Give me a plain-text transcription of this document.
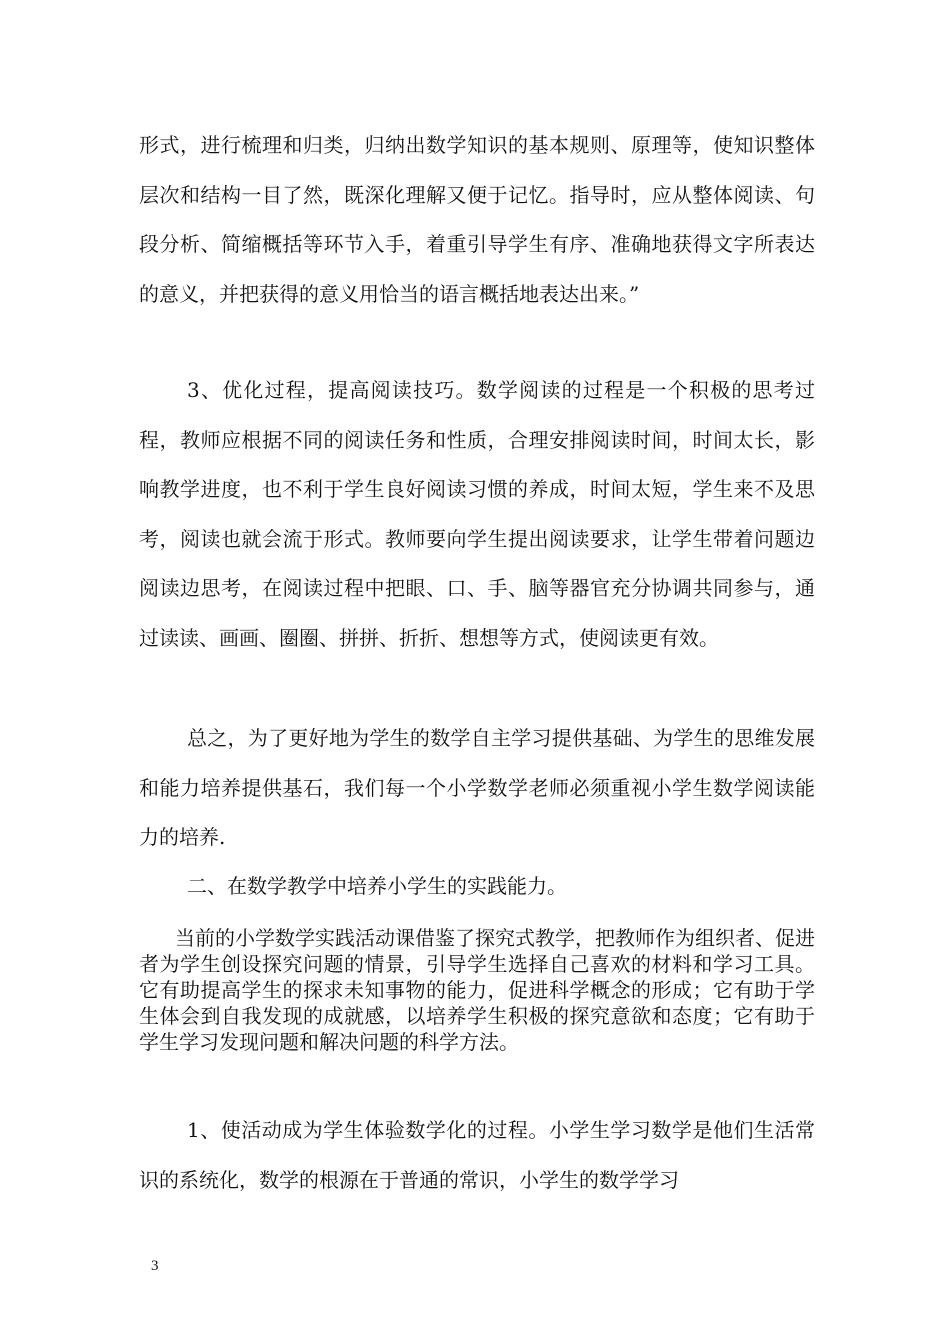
形式，进行梳理和归类，归纳出数学知识的基本规则、原理等，使知识整体层次和结构一目了然，既深化理解又便于记忆。指导时，应从整体阅读、句段分析、简缩概括等环节入手，着重引导学生有序、准确地获得文字所表达的意义，并把获得的意义用恰当的语言概括地表达出来。”
3、优化过程，提高阅读技巧。数学阅读的过程是一个积极的思考过程，教师应根据不同的阅读任务和性质，合理安排阅读时间，时间太长，影响教学进度，也不利于学生良好阅读习惯的养成，时间太短，学生来不及思考，阅读也就会流于形式。教师要向学生提出阅读要求，让学生带着问题边阅读边思考，在阅读过程中把眼、口、手、脑等器官充分协调共同参与，通过读读、画画、圈圈、拼拼、折折、想想等方式，使阅读更有效。
总之，为了更好地为学生的数学自主学习提供基础、为学生的思维发展和能力培养提供基石，我们每一个小学数学老师必须重视小学生数学阅读能力的培养.
二、在数学教学中培养小学生的实践能力。
当前的小学数学实践活动课借鉴了探究式教学，把教师作为组织者、促进者为学生创设探究问题的情景，引导学生选择自己喜欢的材料和学习工具。它有助提高学生的探求未知事物的能力，促进科学概念的形成；它有助于学生体会到自我发现的成就感，以培养学生积极的探究意欲和态度；它有助于学生学习发现问题和解决问题的科学方法。
1、使活动成为学生体验数学化的过程。小学生学习数学是他们生活常识的系统化，数学的根源在于普通的常识，小学生的数学学习
3
